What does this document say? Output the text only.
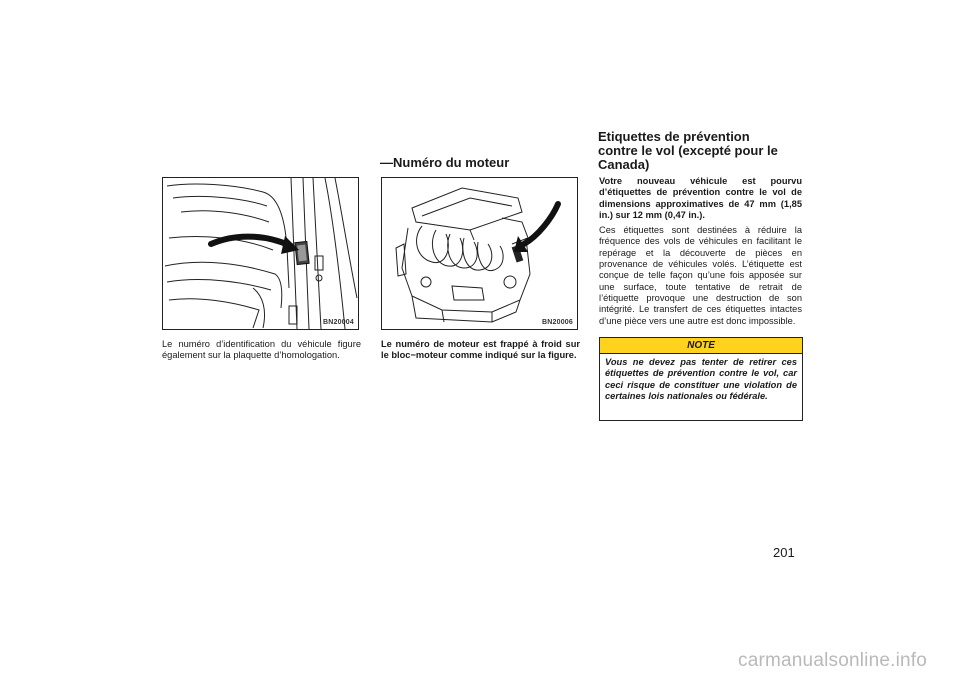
BN20004
Le numéro d’identification du véhicule figure également sur la plaquette d’homologation.
—Numéro du moteur
BN20006
Le numéro de moteur est frappé à froid sur le bloc−moteur comme indiqué sur la figure.
Etiquettes de prévention
contre le vol (excepté pour le
Canada)

Votre nouveau véhicule est pourvu d’étiquettes de prévention contre le vol de dimensions approximatives de 47 mm (1,85 in.) sur 12 mm (0,47 in.).

Ces étiquettes sont destinées à réduire la fréquence des vols de véhicules en facilitant le repérage et la découverte de pièces en provenance de véhicules volés. L’étiquette est conçue de telle façon qu’une fois apposée sur une surface, toute tentative de retrait de l’étiquette provoque une destruction de son intégrité. Le transfert de ces étiquettes intactes d’une pièce vers une autre est donc impossible.

NOTE
Vous ne devez pas tenter de retirer ces étiquettes de prévention contre le vol, car ceci risque de constituer une violation de certaines lois nationales ou fédérale.
201
carmanualsonline.info
